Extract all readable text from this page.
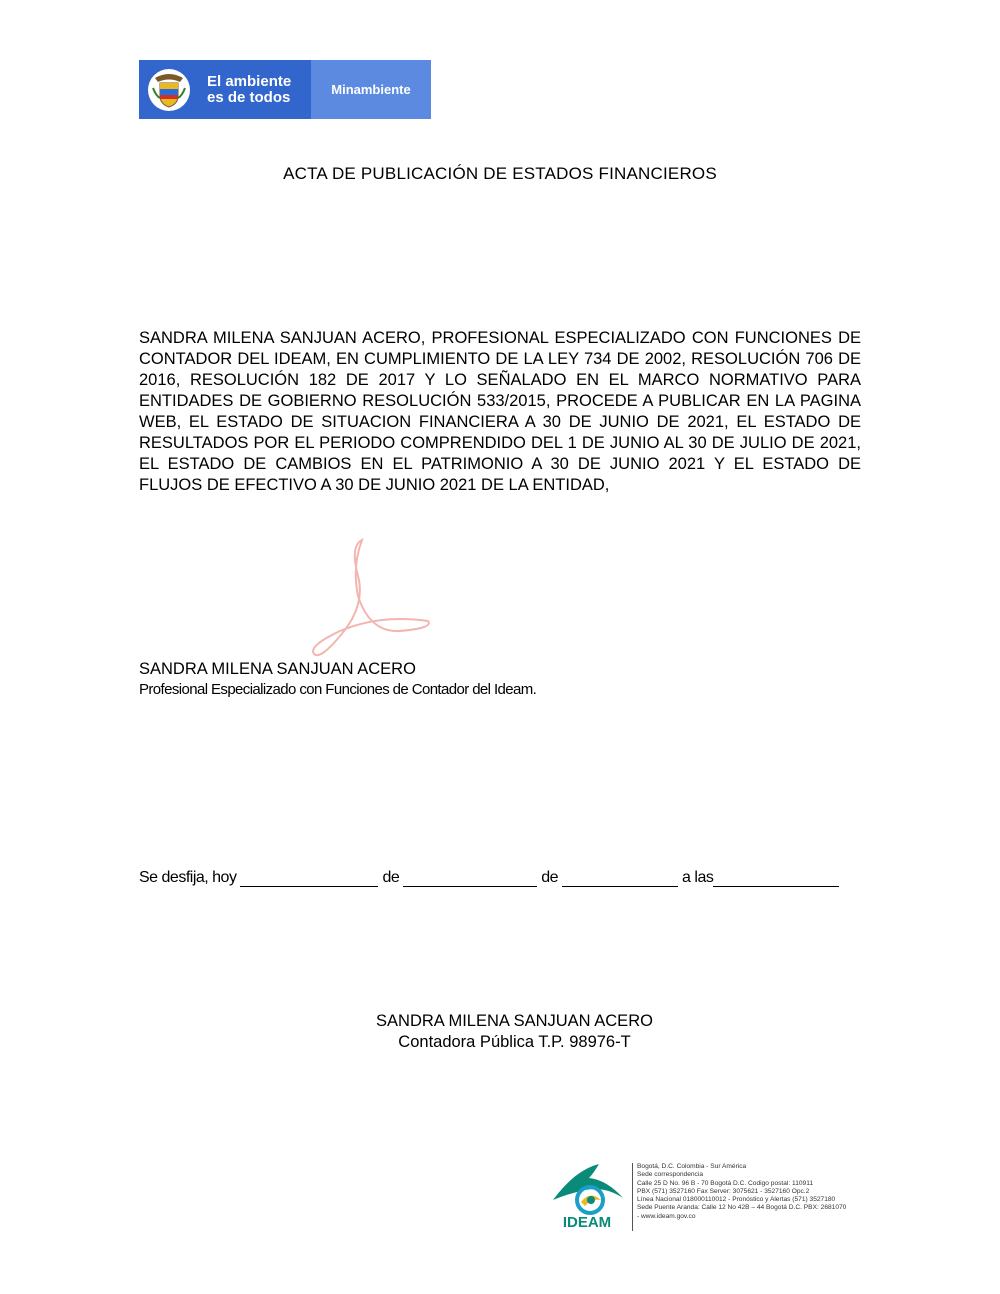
El ambiente
es de todos	Minambiente
ACTA DE PUBLICACIÓN DE ESTADOS FINANCIEROS
SANDRA MILENA SANJUAN ACERO, PROFESIONAL ESPECIALIZADO CON FUNCIONES DE CONTADOR DEL IDEAM, EN CUMPLIMIENTO DE LA LEY 734 DE 2002, RESOLUCIÓN 706 DE 2016, RESOLUCIÓN 182 DE 2017 Y LO SEÑALADO EN EL MARCO NORMATIVO PARA ENTIDADES DE GOBIERNO RESOLUCIÓN 533/2015, PROCEDE A PUBLICAR EN LA PAGINA WEB, EL ESTADO DE SITUACION FINANCIERA A 30 DE JUNIO DE 2021, EL ESTADO DE RESULTADOS POR EL PERIODO COMPRENDIDO DEL 1 DE JUNIO AL 30 DE JULIO DE 2021, EL ESTADO DE CAMBIOS EN EL PATRIMONIO A 30 DE JUNIO 2021 Y EL ESTADO DE FLUJOS DE EFECTIVO A 30 DE JUNIO 2021 DE LA ENTIDAD,
SANDRA MILENA SANJUAN ACERO
Profesional Especializado con Funciones de Contador del Ideam.
Se desfija, hoy	de	de	a las
SANDRA MILENA SANJUAN ACERO
Contadora Pública T.P. 98976-T
IDEAM
Bogotá, D.C. Colombia - Sur América
Sede correspondencia
Calle 25 D No. 96 B - 70 Bogotá D.C. Codigo postal: 110911
PBX (571) 3527160 Fax Server: 3075621 - 3527160 Opc.2
Línea Nacional 018000110012 - Pronóstico y Alertas (571) 3527180
Sede Puente Aranda: Calle 12 No 42B – 44 Bogotá D.C. PBX: 2681070
- www.ideam.gov.co
